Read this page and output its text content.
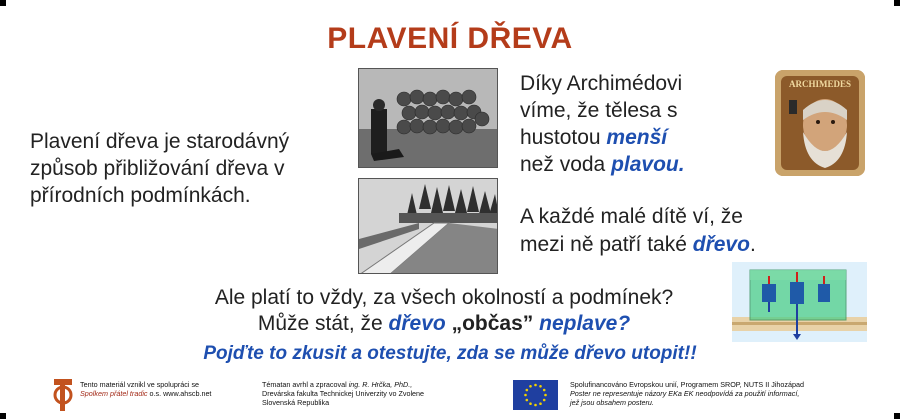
PLAVENÍ DŘEVA

Plavení dřeva je starodávný způsob přibližování dřeva v přírodních podmínkách.

Díky Archimédovi
víme, že tělesa s
hustotou menší
než voda plavou.
ARCHIMEDES
A každé malé dítě ví, že
mezi ně patří také dřevo.

Ale platí to vždy, za všech okolností a podmínek?

Může stát, že dřevo „občas” neplave?

Pojďte to zkusit a otestujte, zda se může dřevo utopit!!

Tento materiál vznikl ve spolupráci se
Spolkem přátel tradic o.s. www.ahscb.net
Tématan avrhl a zpracoval ing. R. Hrčka, PhD.,
Drevárska fakulta Technickej Univerzity vo Zvolene
Slovenská Republika
Spolufinancováno Evropskou unií, Programem SROP, NUTS II Jihozápad
Poster ne representuje názory EKa EK neodpovídá za použití informací,
jež jsou obsahem posteru.
